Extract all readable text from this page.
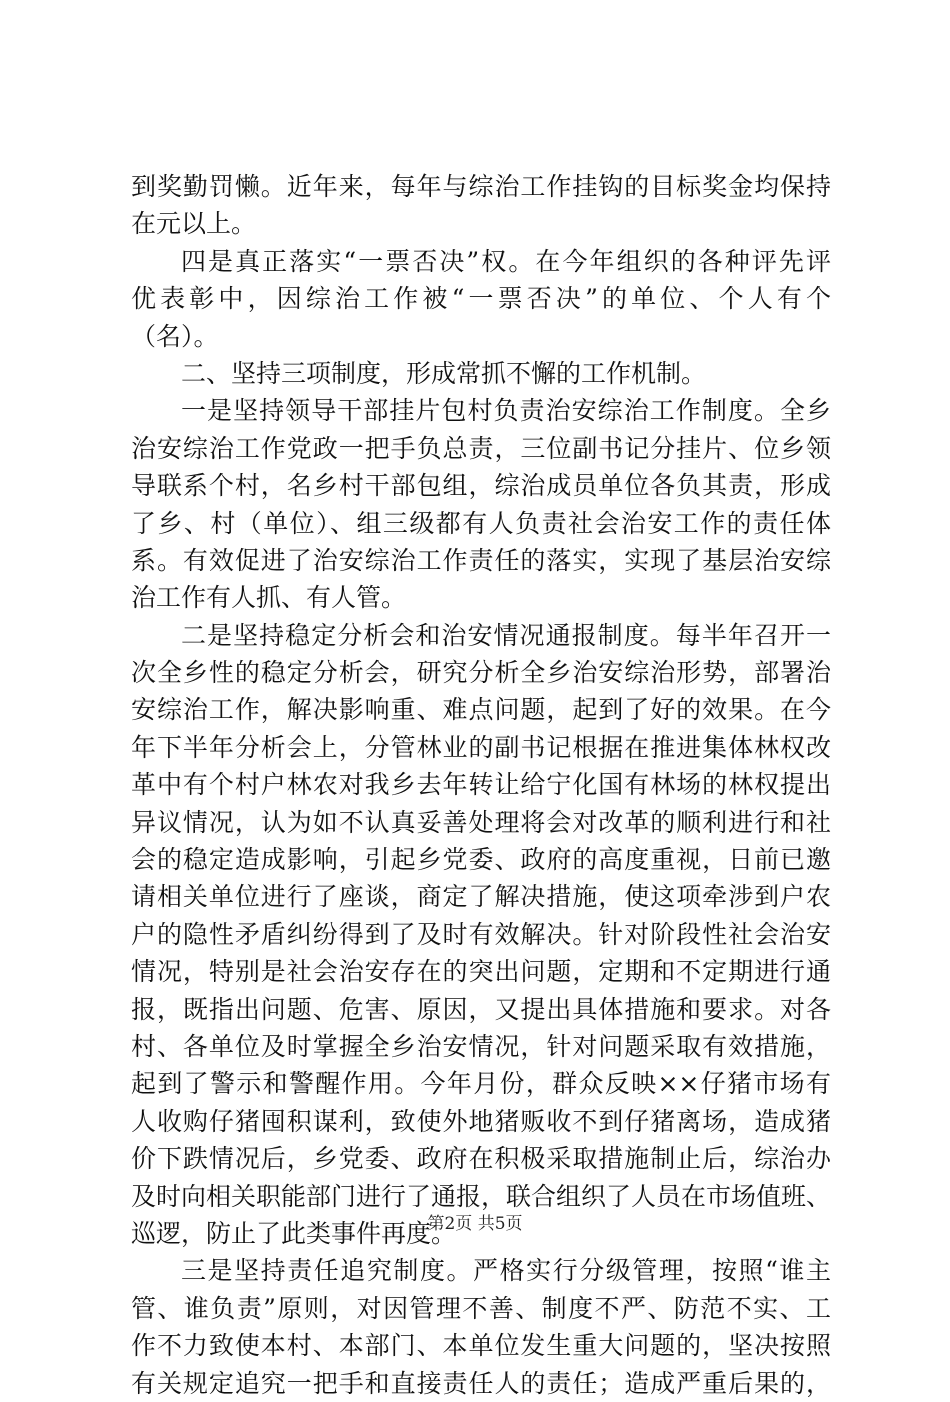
到奖勤罚懒。近年来，每年与综治工作挂钩的目标奖金均保持
在元以上。
四是真正落实“一票否决”权。在今年组织的各种评先评
优表彰中，因综治工作被“一票否决”的单位、个人有个
（名）。
二、坚持三项制度，形成常抓不懈的工作机制。
一是坚持领导干部挂片包村负责治安综治工作制度。全乡
治安综治工作党政一把手负总责，三位副书记分挂片、位乡领
导联系个村，名乡村干部包组，综治成员单位各负其责，形成
了乡、村（单位）、组三级都有人负责社会治安工作的责任体
系。有效促进了治安综治工作责任的落实，实现了基层治安综
治工作有人抓、有人管。
二是坚持稳定分析会和治安情况通报制度。每半年召开一
次全乡性的稳定分析会，研究分析全乡治安综治形势，部署治
安综治工作，解决影响重、难点问题，起到了好的效果。在今
年下半年分析会上，分管林业的副书记根据在推进集体林权改
革中有个村户林农对我乡去年转让给宁化国有林场的林权提出
异议情况，认为如不认真妥善处理将会对改革的顺利进行和社
会的稳定造成影响，引起乡党委、政府的高度重视，日前已邀
请相关单位进行了座谈，商定了解决措施，使这项牵涉到户农
户的隐性矛盾纠纷得到了及时有效解决。针对阶段性社会治安
情况，特别是社会治安存在的突出问题，定期和不定期进行通
报，既指出问题、危害、原因，又提出具体措施和要求。对各
村、各单位及时掌握全乡治安情况，针对问题采取有效措施，
起到了警示和警醒作用。今年月份，群众反映××仔猪市场有
人收购仔猪囤积谋利，致使外地猪贩收不到仔猪离场，造成猪
价下跌情况后，乡党委、政府在积极采取措施制止后，综治办
及时向相关职能部门进行了通报，联合组织了人员在市场值班、
巡逻，防止了此类事件再度。
三是坚持责任追究制度。严格实行分级管理，按照“谁主
管、谁负责”原则，对因管理不善、制度不严、防范不实、工
作不力致使本村、本部门、本单位发生重大问题的，坚决按照
有关规定追究一把手和直接责任人的责任；造成严重后果的，
第2页 共5页
